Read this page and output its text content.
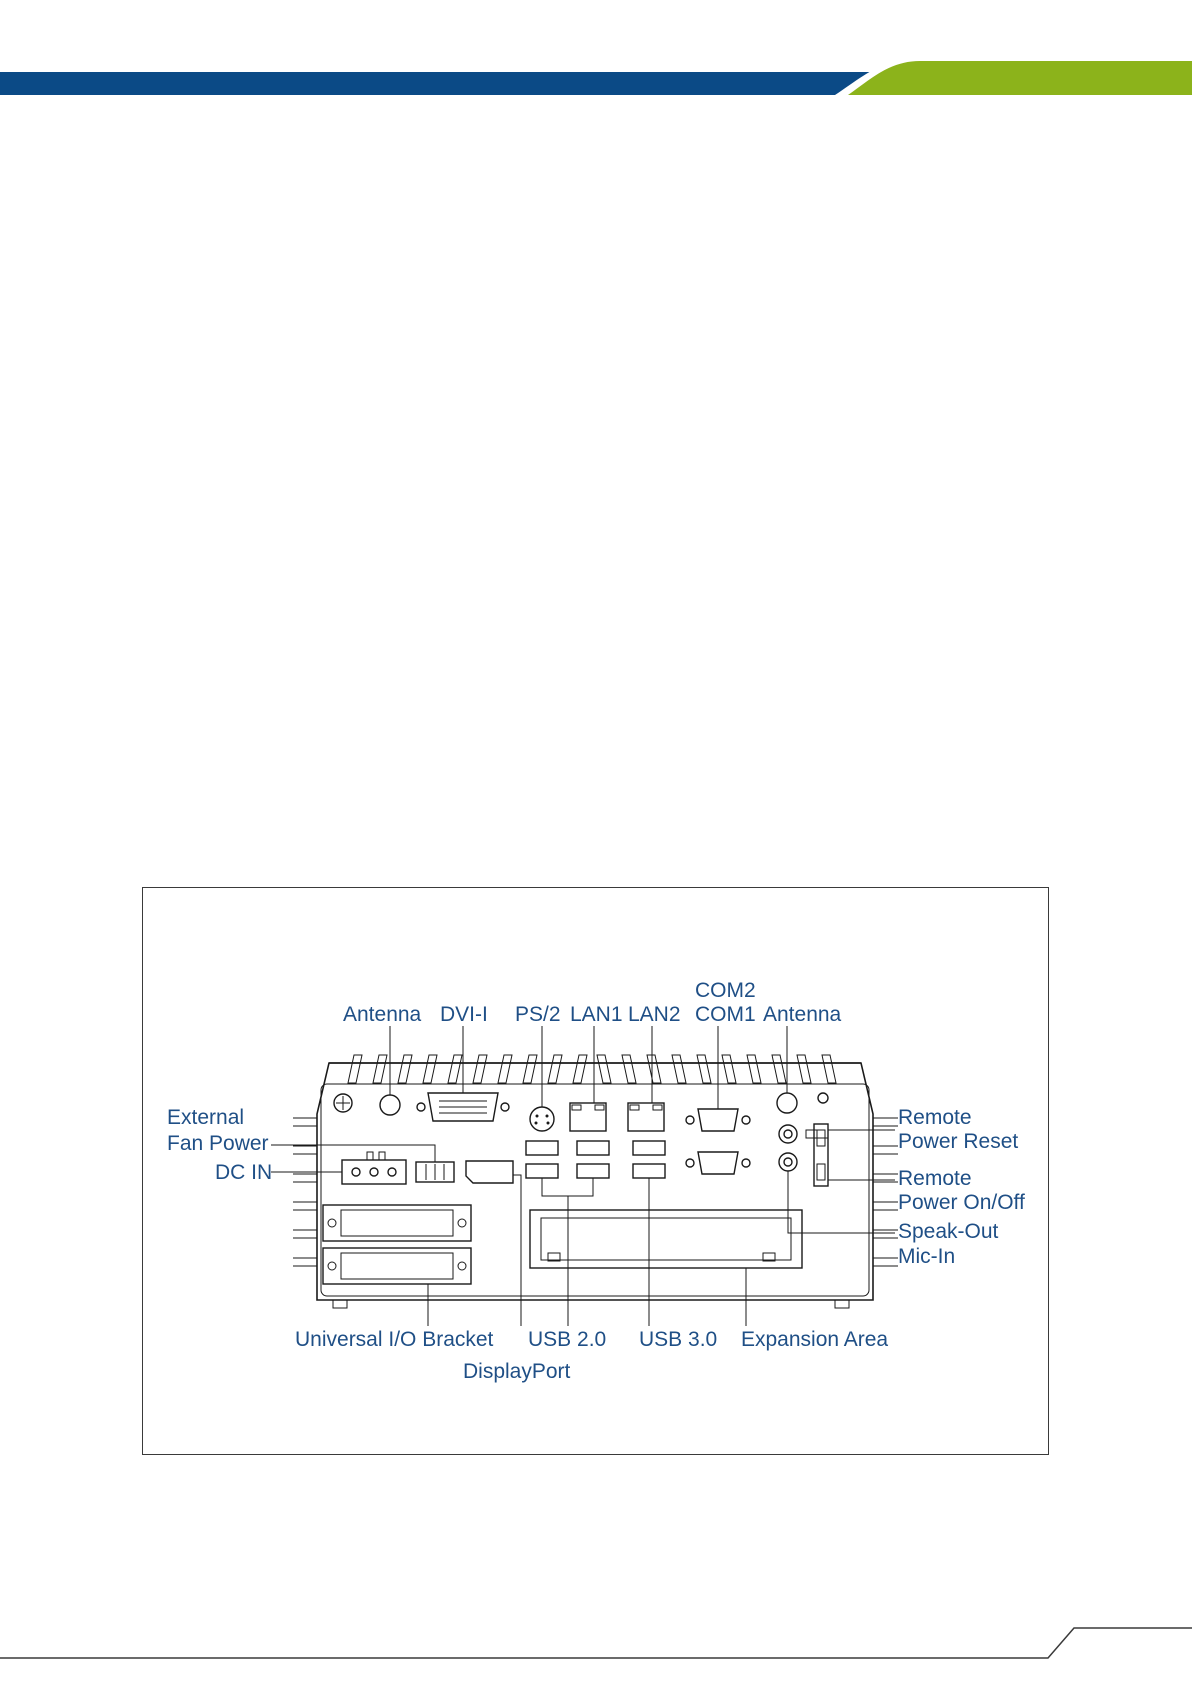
Antenna DVI-I PS/2 LAN1 LAN2
COM2
COM1 Antenna
External
Fan Power
DC IN
Remote
Power Reset
Remote
Power On/Off
Speak-Out
Mic-In
Universal I/O Bracket USB 2.0 USB 3.0 Expansion Area
DisplayPort
